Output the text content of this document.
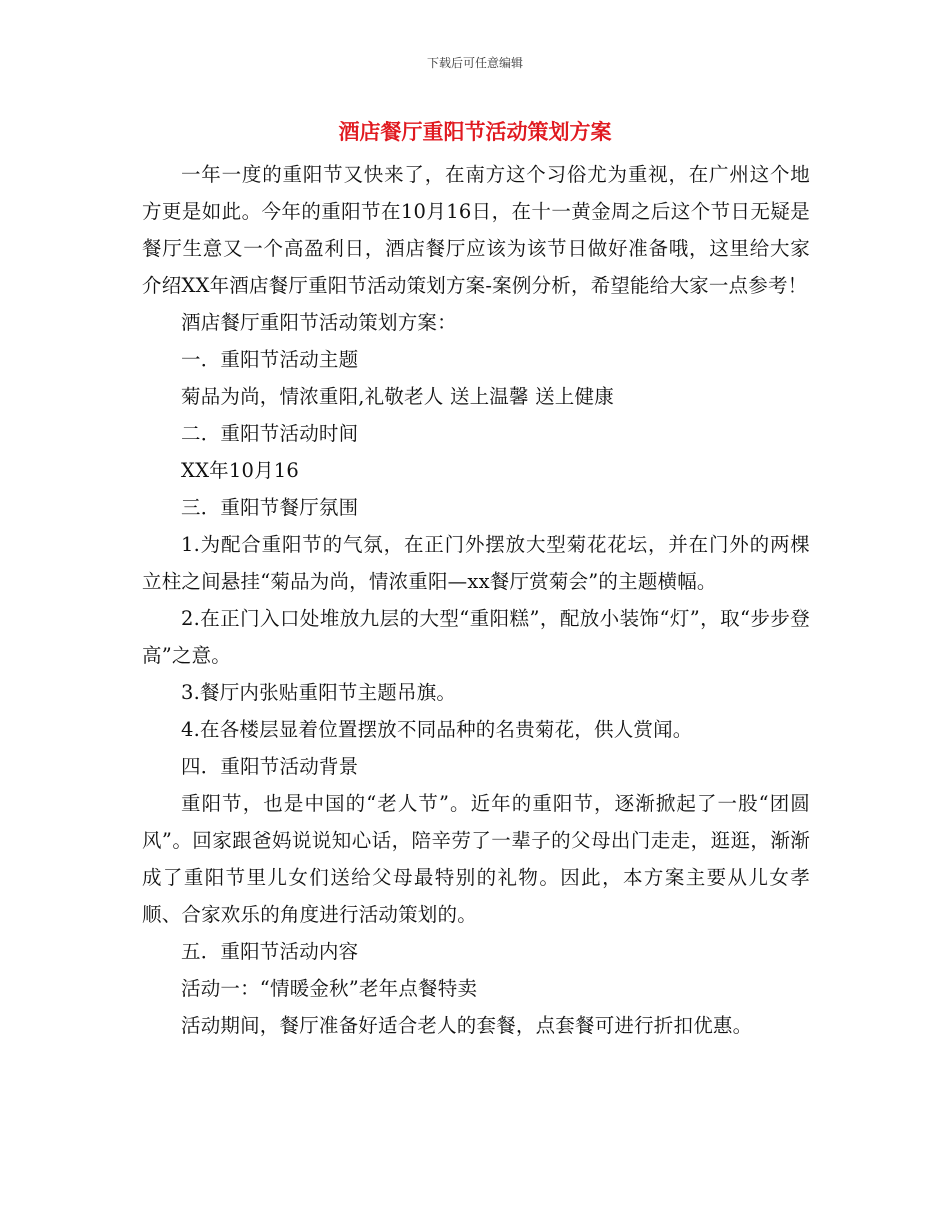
下载后可任意编辑
酒店餐厅重阳节活动策划方案

一年一度的重阳节又快来了，在南方这个习俗尤为重视，在广州这个地方更是如此。今年的重阳节在10月16日，在十一黄金周之后这个节日无疑是餐厅生意又一个高盈利日，酒店餐厅应该为该节日做好准备哦，这里给大家介绍XX年酒店餐厅重阳节活动策划方案-案例分析，希望能给大家一点参考！

酒店餐厅重阳节活动策划方案：

一．重阳节活动主题

菊品为尚，情浓重阳,礼敬老人 送上温馨 送上健康

二．重阳节活动时间

XX年10月16

三．重阳节餐厅氛围

1.为配合重阳节的气氛，在正门外摆放大型菊花花坛，并在门外的两棵立柱之间悬挂“菊品为尚，情浓重阳—xx餐厅赏菊会”的主题横幅。

2.在正门入口处堆放九层的大型“重阳糕”，配放小装饰“灯”，取“步步登高”之意。

3.餐厅内张贴重阳节主题吊旗。

4.在各楼层显着位置摆放不同品种的名贵菊花，供人赏闻。

四．重阳节活动背景

重阳节，也是中国的“老人节”。近年的重阳节，逐渐掀起了一股“团圆风”。回家跟爸妈说说知心话，陪辛劳了一辈子的父母出门走走，逛逛，渐渐成了重阳节里儿女们送给父母最特别的礼物。因此，本方案主要从儿女孝顺、合家欢乐的角度进行活动策划的。

五．重阳节活动内容

活动一：“情暖金秋”老年点餐特卖

活动期间，餐厅准备好适合老人的套餐，点套餐可进行折扣优惠。
